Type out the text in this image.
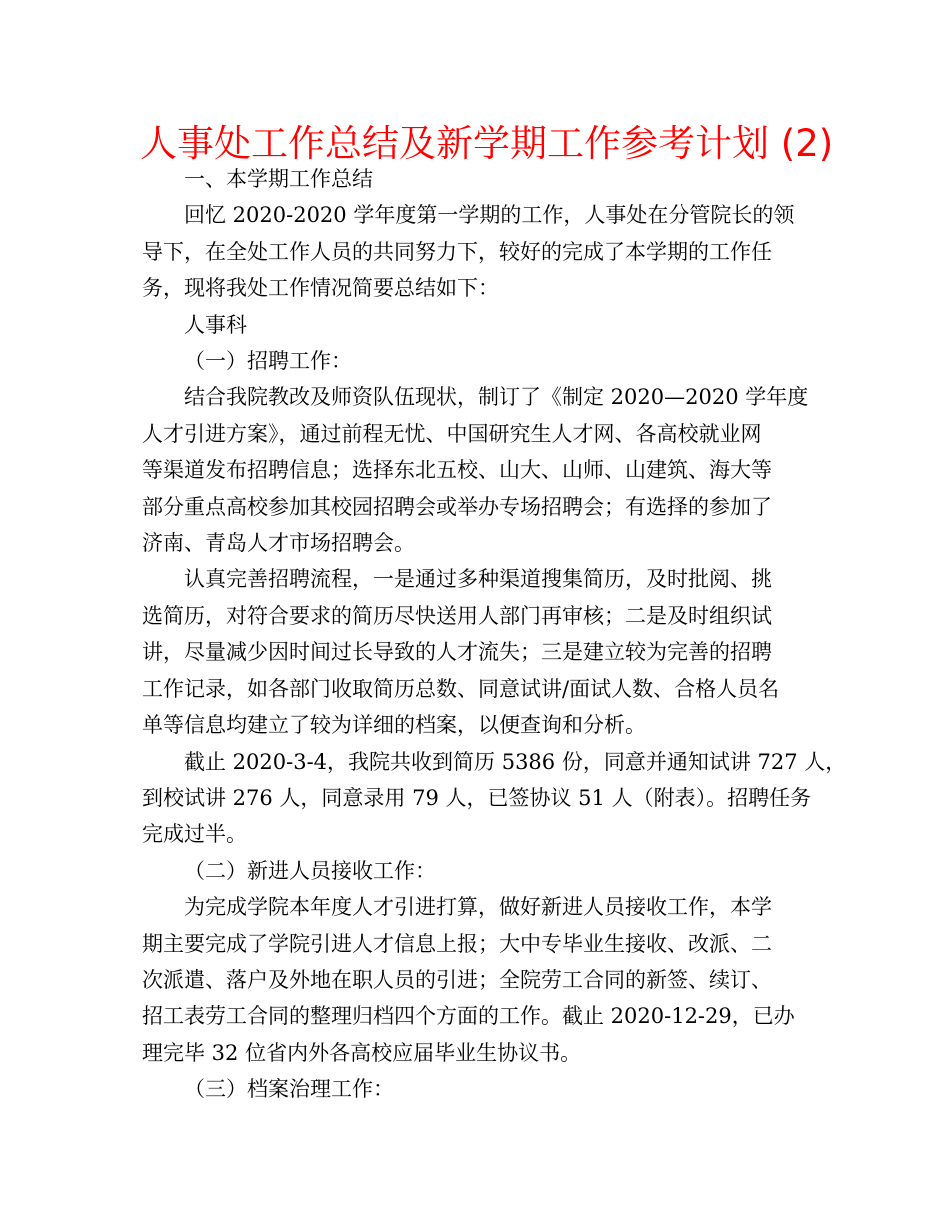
人事处工作总结及新学期工作参考计划 (2)

一、本学期工作总结

回忆 2020-2020 学年度第一学期的工作，人事处在分管院长的领
导下，在全处工作人员的共同努力下，较好的完成了本学期的工作任
务，现将我处工作情况简要总结如下：

人事科

（一）招聘工作：

结合我院教改及师资队伍现状，制订了《制定 2020—2020 学年度
人才引进方案》，通过前程无忧、中国研究生人才网、各高校就业网
等渠道发布招聘信息；选择东北五校、山大、山师、山建筑、海大等
部分重点高校参加其校园招聘会或举办专场招聘会；有选择的参加了
济南、青岛人才市场招聘会。

认真完善招聘流程，一是通过多种渠道搜集简历，及时批阅、挑
选简历，对符合要求的简历尽快送用人部门再审核；二是及时组织试
讲，尽量减少因时间过长导致的人才流失；三是建立较为完善的招聘
工作记录，如各部门收取简历总数、同意试讲/面试人数、合格人员名
单等信息均建立了较为详细的档案，以便查询和分析。

截止 2020-3-4，我院共收到简历 5386 份，同意并通知试讲 727 人，
到校试讲 276 人，同意录用 79 人，已签协议 51 人（附表）。招聘任务
完成过半。

（二）新进人员接收工作：

为完成学院本年度人才引进打算，做好新进人员接收工作，本学
期主要完成了学院引进人才信息上报；大中专毕业生接收、改派、二
次派遣、落户及外地在职人员的引进；全院劳工合同的新签、续订、
招工表劳工合同的整理归档四个方面的工作。截止 2020-12-29，已办
理完毕 32 位省内外各高校应届毕业生协议书。

（三）档案治理工作：
